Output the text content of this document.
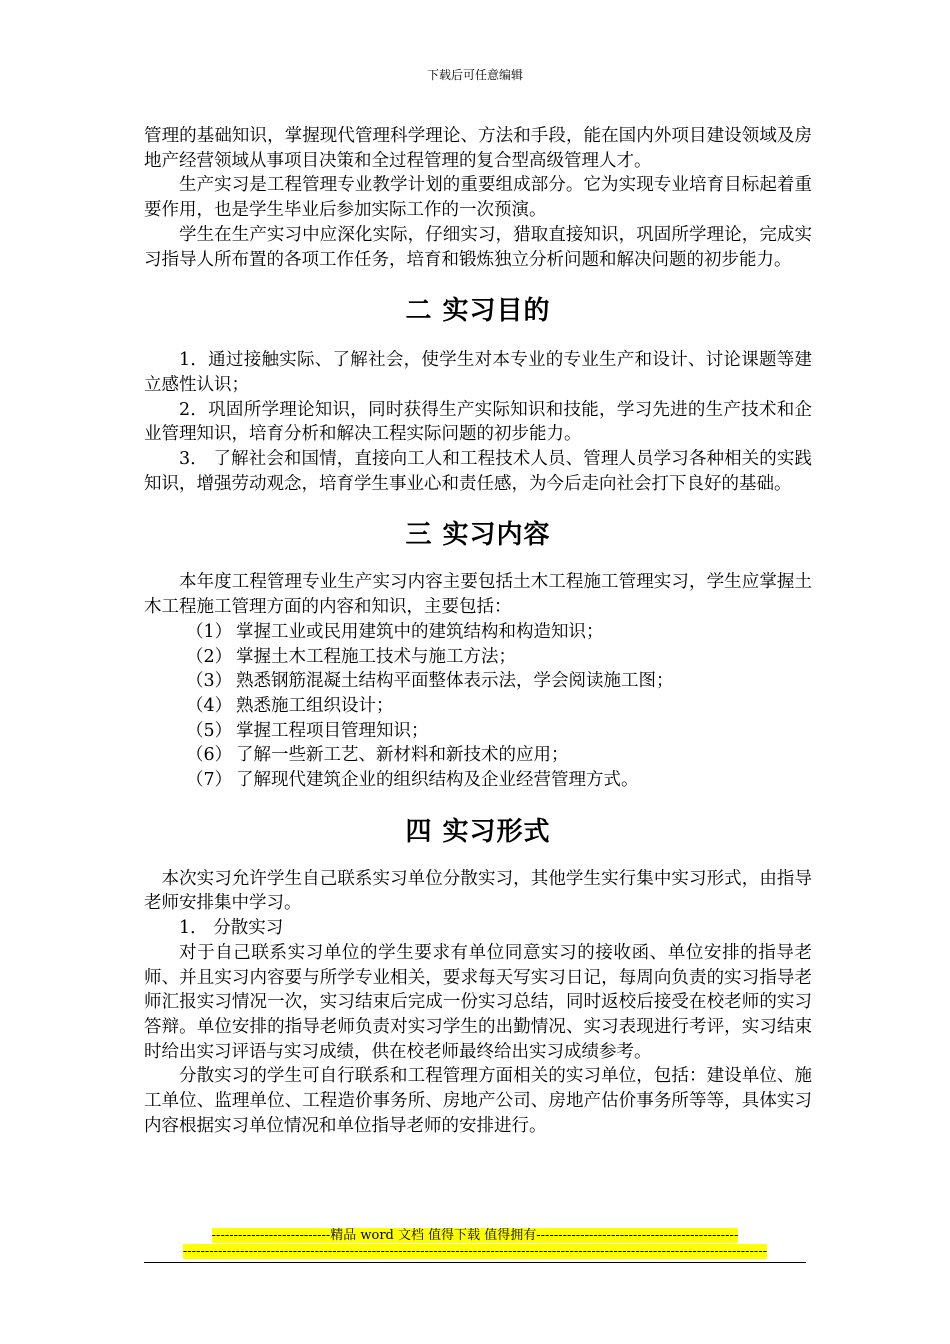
下载后可任意编辑

管理的基础知识，掌握现代管理科学理论、方法和手段，能在国内外项目建设领域及房地产经营领域从事项目决策和全过程管理的复合型高级管理人才。

生产实习是工程管理专业教学计划的重要组成部分。它为实现专业培育目标起着重要作用，也是学生毕业后参加实际工作的一次预演。

学生在生产实习中应深化实际，仔细实习，猎取直接知识，巩固所学理论，完成实习指导人所布置的各项工作任务，培育和锻炼独立分析问题和解决问题的初步能力。

二 实习目的

1．通过接触实际、了解社会，使学生对本专业的专业生产和设计、讨论课题等建立感性认识；

2．巩固所学理论知识，同时获得生产实际知识和技能，学习先进的生产技术和企业管理知识，培育分析和解决工程实际问题的初步能力。

3． 了解社会和国情，直接向工人和工程技术人员、管理人员学习各种相关的实践知识，增强劳动观念，培育学生事业心和责任感，为今后走向社会打下良好的基础。

三 实习内容

本年度工程管理专业生产实习内容主要包括土木工程施工管理实习，学生应掌握土木工程施工管理方面的内容和知识，主要包括：

（1） 掌握工业或民用建筑中的建筑结构和构造知识；
（2） 掌握土木工程施工技术与施工方法；
（3） 熟悉钢筋混凝土结构平面整体表示法，学会阅读施工图；
（4） 熟悉施工组织设计；
（5） 掌握工程项目管理知识；
（6） 了解一些新工艺、新材料和新技术的应用；
（7） 了解现代建筑企业的组织结构及企业经营管理方式。
四 实习形式

本次实习允许学生自己联系实习单位分散实习，其他学生实行集中实习形式，由指导老师安排集中学习。

1． 分散实习

对于自己联系实习单位的学生要求有单位同意实习的接收函、单位安排的指导老师、并且实习内容要与所学专业相关，要求每天写实习日记，每周向负责的实习指导老师汇报实习情况一次，实习结束后完成一份实习总结，同时返校后接受在校老师的实习答辩。单位安排的指导老师负责对实习学生的出勤情况、实习表现进行考评，实习结束时给出实习评语与实习成绩，供在校老师最终给出实习成绩参考。

分散实习的学生可自行联系和工程管理方面相关的实习单位，包括：建设单位、施工单位、监理单位、工程造价事务所、房地产公司、房地产估价事务所等等，具体实习内容根据实习单位情况和单位指导老师的安排进行。

---------------------------精品 word 文档 值得下载 值得拥有----------------------------------------------
-------------------------------------------------------------------------------------------------------------------------------------
